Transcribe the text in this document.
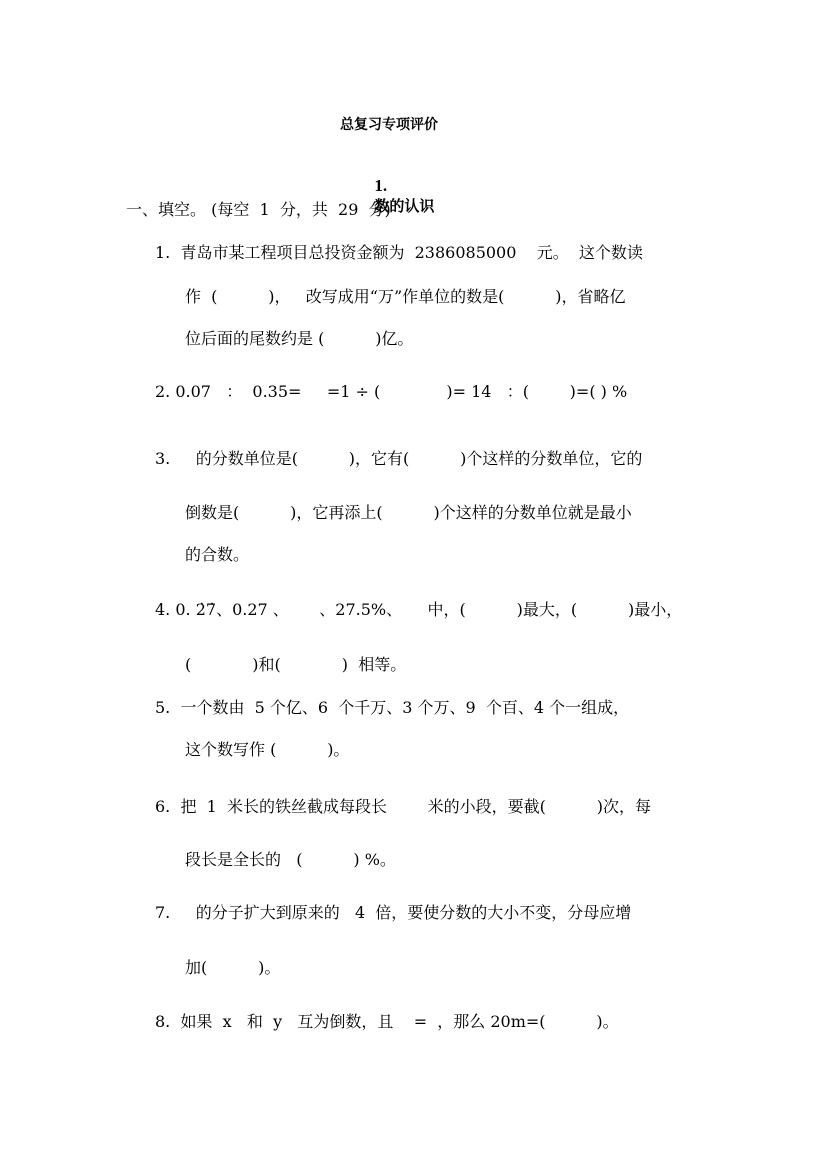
总复习专项评价

1.
数的认识

一、填空。 (每空  1  分，共  29  分)
1.  青岛市某工程项目总投资金额为  2386085000    元。  这个数读
作  (          )，   改写成用“万”作单位的数是(          )，省略亿
位后面的尾数约是 (          )亿。
2. 0.07   ：  0.35=     =1 ÷ (             )= 14   ：(        )=( ) %
3.     的分数单位是(          )，它有(          )个这样的分数单位，它的
倒数是(          )，它再添上(          )个这样的分数单位就是最小
的合数。
4. 0. 2̇7̇、0.27 、      、27.5%、     中，(          )最大，(          )最小，
(            )和(            )  相等。
5.  一个数由  5 个亿、6  个千万、3 个万、9  个百、4 个一组成，
这个数写作 (          )。
6.  把  1  米长的铁丝截成每段长        米的小段，要截(          )次，每
段长是全长的   (          ) %。
7.     的分子扩大到原来的   4  倍，要使分数的大小不变，分母应增
加(          )。
8.  如果  x   和  y   互为倒数，且    =  ，那么 20m=(          )。
